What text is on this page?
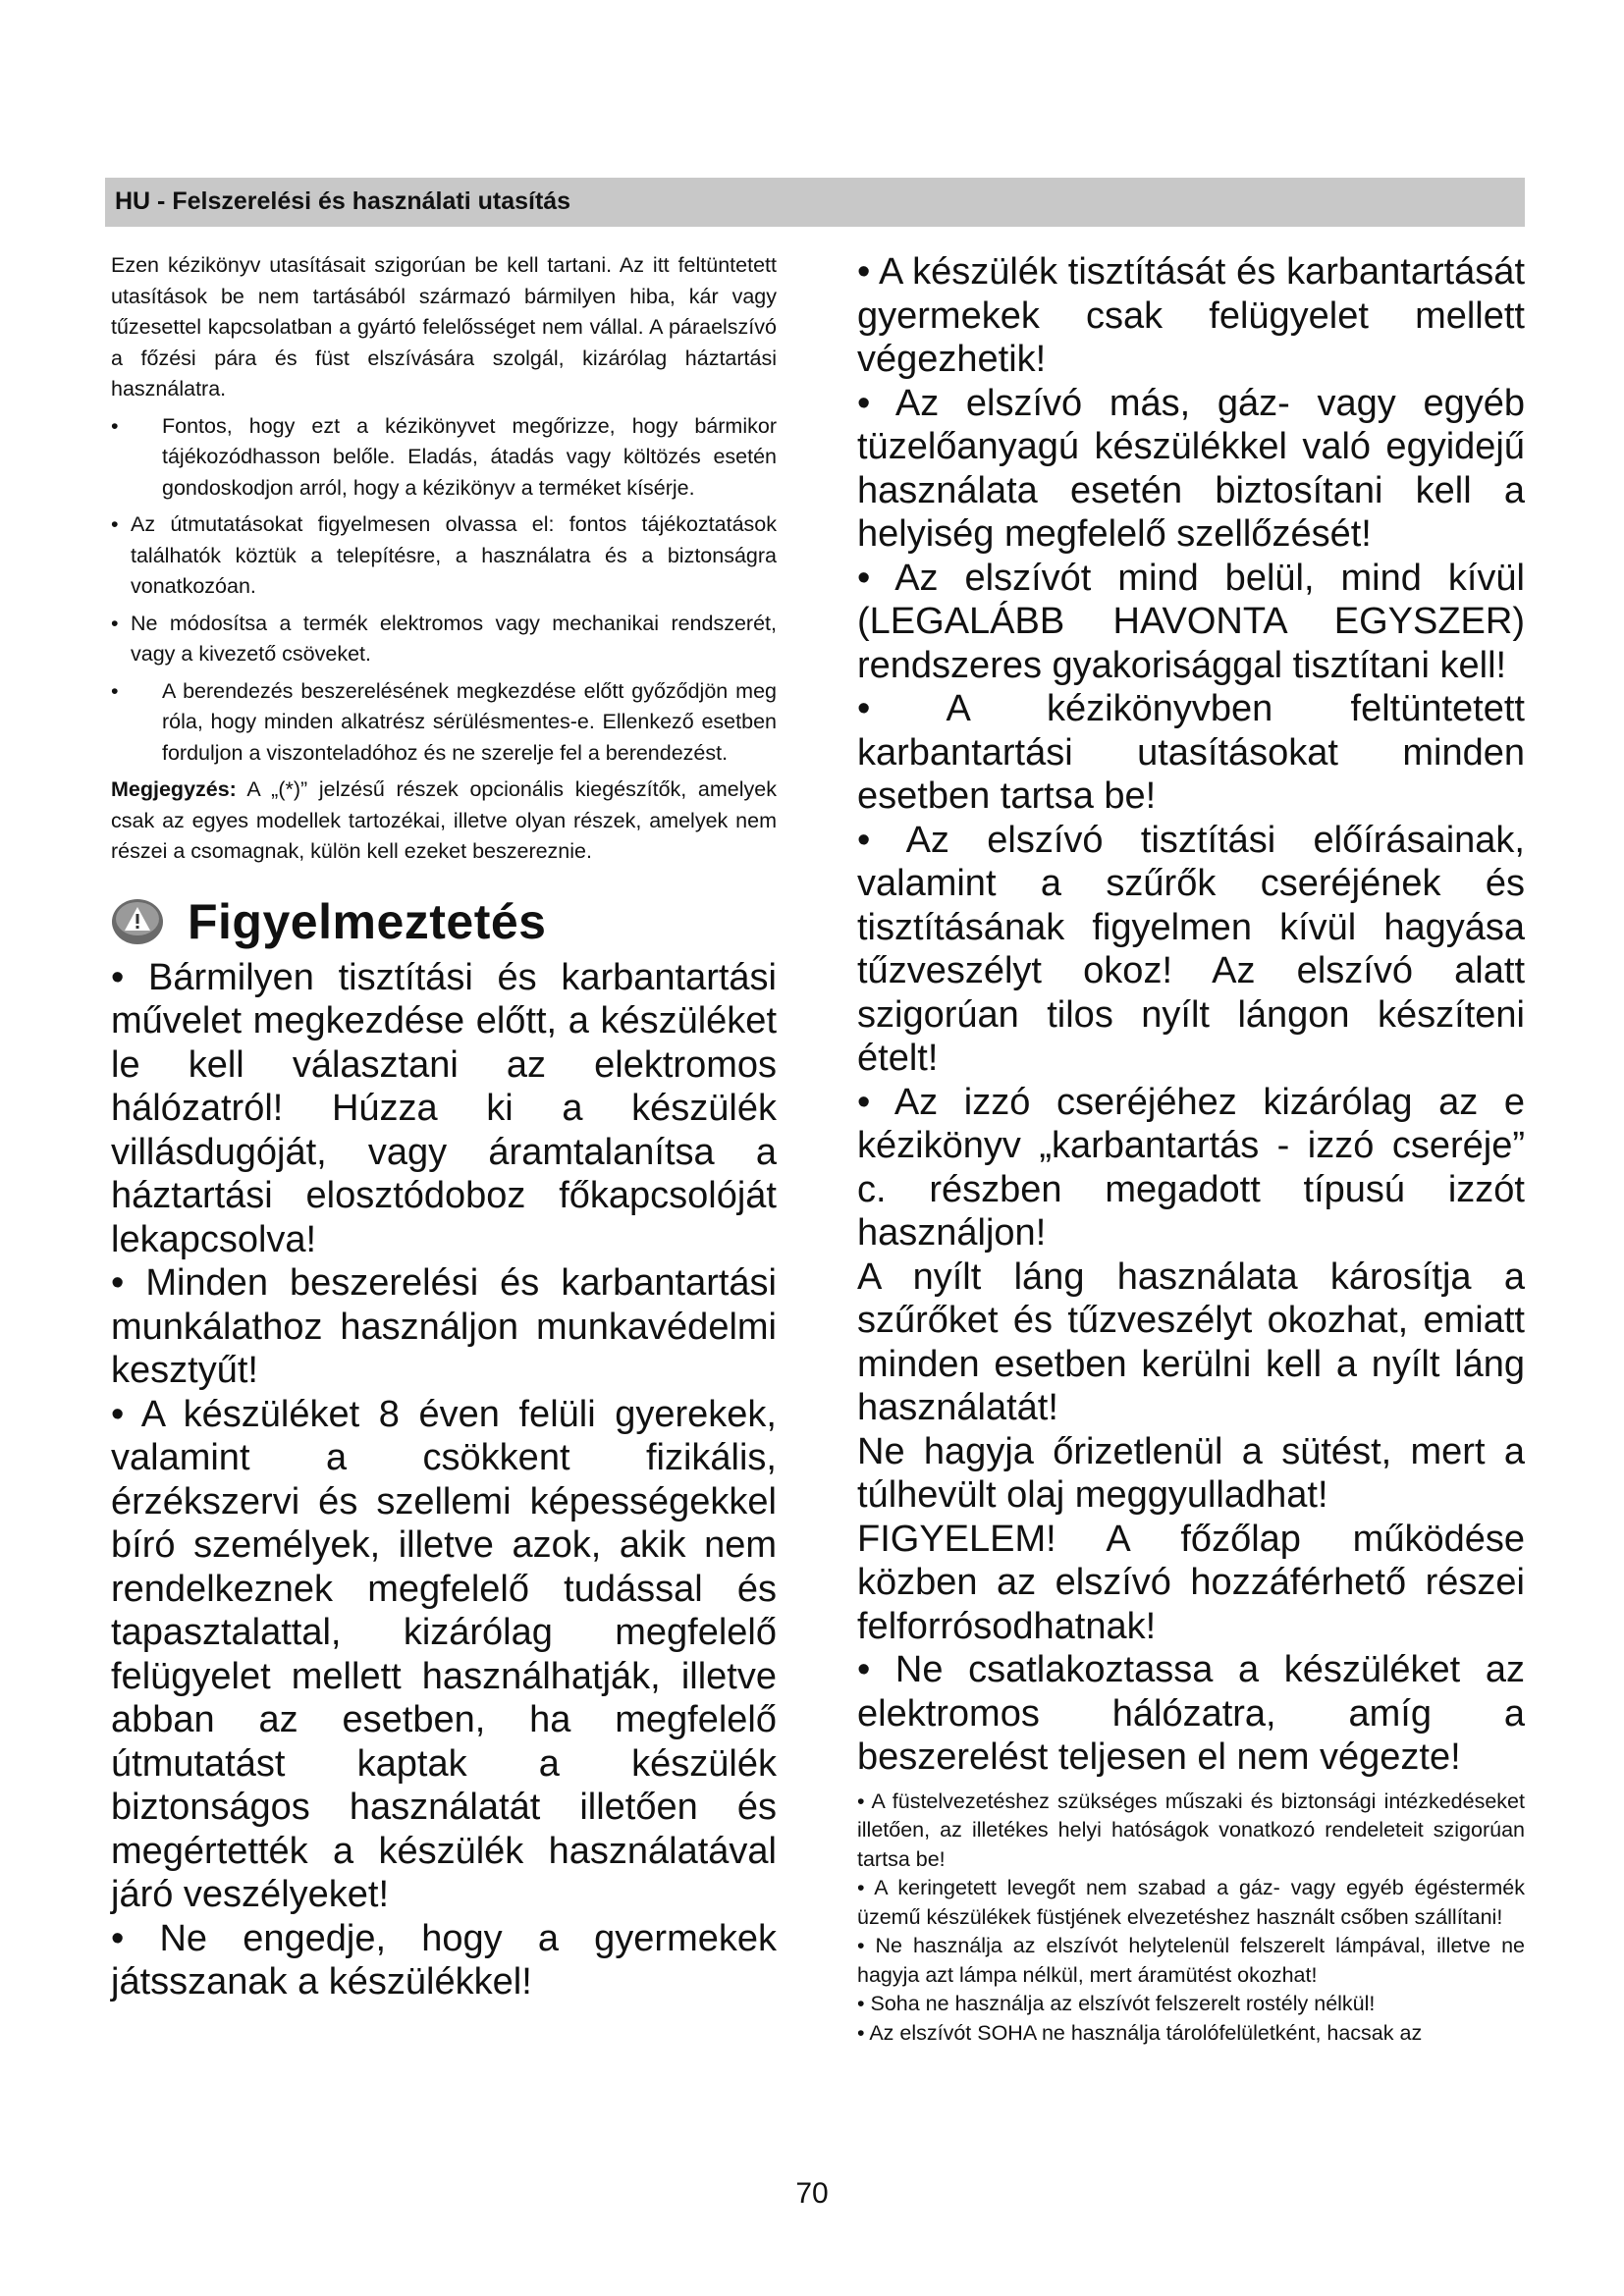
HU - Felszerelési és használati utasítás

Ezen kézikönyv utasításait szigorúan be kell tartani. Az itt feltüntetett utasítások be nem tartásából származó bármilyen hiba, kár vagy tűzesettel kapcsolatban a gyártó felelősséget nem vállal. A páraelszívó a főzési pára és füst elszívására szolgál, kizárólag háztartási használatra.

• Fontos, hogy ezt a kézikönyvet megőrizze, hogy bármikor tájékozódhasson belőle. Eladás, átadás vagy költözés esetén gondoskodjon arról, hogy a kézikönyv a terméket kísérje.
• Az útmutatásokat figyelmesen olvassa el: fontos tájékoztatások találhatók köztük a telepítésre, a használatra és a biztonságra vonatkozóan.
• Ne módosítsa a termék elektromos vagy mechanikai rendszerét, vagy a kivezető csöveket.
• A berendezés beszerelésének megkezdése előtt győződjön meg róla, hogy minden alkatrész sérülésmentes-e. Ellenkező esetben forduljon a viszonteladóhoz és ne szerelje fel a berendezést.

Megjegyzés: A „(*)” jelzésű részek opcionális kiegészítők, amelyek csak az egyes modellek tartozékai, illetve olyan részek, amelyek nem részei a csomagnak, külön kell ezeket beszereznie.

Figyelmeztetés

• Bármilyen tisztítási és karbantartási művelet megkezdése előtt, a készüléket le kell választani az elektromos hálózatról! Húzza ki a készülék villásdugóját, vagy áramtalanítsa a háztartási elosztódoboz főkapcsolóját lekapcsolva!

• Minden beszerelési és karbantartási munkálathoz használjon munkavédelmi kesztyűt!

• A készüléket 8 éven felüli gyerekek, valamint a csökkent fizikális, érzékszervi és szellemi képességekkel bíró személyek, illetve azok, akik nem rendelkeznek megfelelő tudással és tapasztalattal, kizárólag megfelelő felügyelet mellett használhatják, illetve abban az esetben, ha megfelelő útmutatást kaptak a készülék biztonságos használatát illetően és megértették a készülék használatával járó veszélyeket!

• Ne engedje, hogy a gyermekek játsszanak a készülékkel!

• A készülék tisztítását és karbantartását gyermekek csak felügyelet mellett végezhetik!

• Az elszívó más, gáz- vagy egyéb tüzelőanyagú készülékkel való egyidejű használata esetén biztosítani kell a helyiség megfelelő szellőzését!

• Az elszívót mind belül, mind kívül (LEGALÁBB HAVONTA EGYSZER) rendszeres gyakorisággal tisztítani kell!

• A kézikönyvben feltüntetett karbantartási utasításokat minden esetben tartsa be!

• Az elszívó tisztítási előírásainak, valamint a szűrők cseréjének és tisztításának figyelmen kívül hagyása tűzveszélyt okoz! Az elszívó alatt szigorúan tilos nyílt lángon készíteni ételt!

• Az izzó cseréjéhez kizárólag az e kézikönyv „karbantartás - izzó cseréje” c. részben megadott típusú izzót használjon!

A nyílt láng használata károsítja a szűrőket és tűzveszélyt okozhat, emiatt minden esetben kerülni kell a nyílt láng használatát!

Ne hagyja őrizetlenül a sütést, mert a túlhevült olaj meggyulladhat!

FIGYELEM! A főzőlap működése közben az elszívó hozzáférhető részei felforrósodhatnak!

• Ne csatlakoztassa a készüléket az elektromos hálózatra, amíg a beszerelést teljesen el nem végezte!

• A füstelvezetéshez szükséges műszaki és biztonsági intézkedéseket illetően, az illetékes helyi hatóságok vonatkozó rendeleteit szigorúan tartsa be!

• A keringetett levegőt nem szabad a gáz- vagy egyéb égéstermék üzemű készülékek füstjének elvezetéshez használt csőben szállítani!

• Ne használja az elszívót helytelenül felszerelt lámpával, illetve ne hagyja azt lámpa nélkül, mert áramütést okozhat!

• Soha ne használja az elszívót felszerelt rostély nélkül!

• Az elszívót SOHA ne használja tárolófelületként, hacsak az

70
